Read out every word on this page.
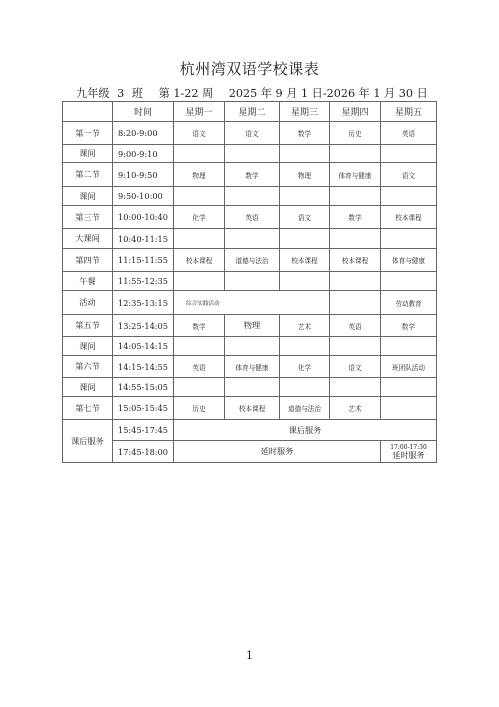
杭州湾双语学校课表
九年级 3 班 第 1-22 周 2025 年 9 月 1 日-2026 年 1 月 30 日
	时间	星期一	星期二	星期三	星期四	星期五
第一节	8:20-9:00	语文	语文	数学	历史	英语
课间	9:00-9:10					
第二节	9:10-9:50	物理	数学	物理	体育与健康	语文
课间	9:50-10:00					
第三节	10:00-10:40	化学	英语	语文	数学	校本课程
大课间	10:40-11:15					
第四节	11:15-11:55	校本课程	道德与法治	校本课程	校本课程	体育与健康
午餐	11:55-12:35					
活动	12:35-13:15	综合实践活动				劳动教育
第五节	13:25-14:05	数学	物理	艺术	英语	数学
课间	14:05-14:15					
第六节	14:15-14:55	英语	体育与健康	化学	语文	班团队活动
课间	14:55-15:05					
第七节	15:05-15:45	历史	校本课程	道德与法治	艺术	
课后服务	15:45-17:45	课后服务				
	17:45-18:00	延时服务				17:00-17:30
延时服务
1
